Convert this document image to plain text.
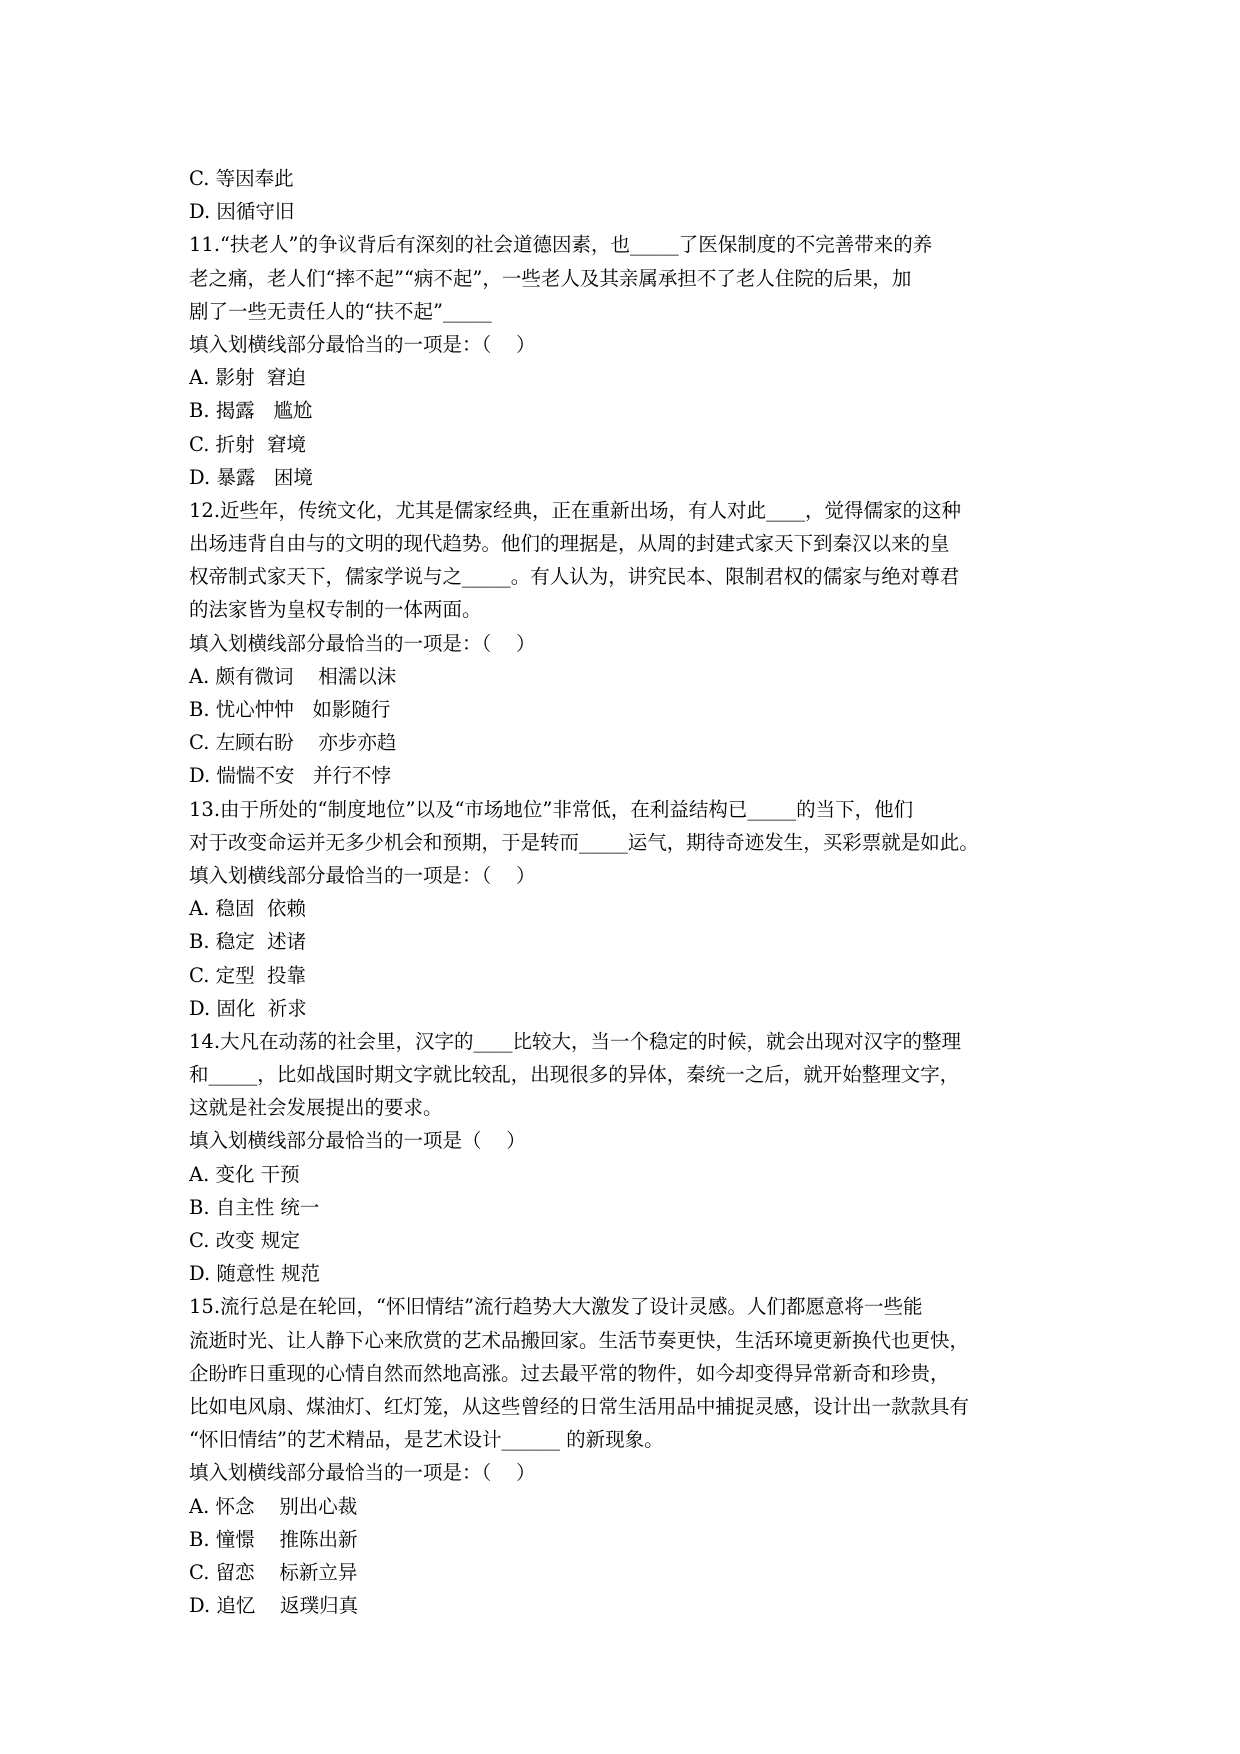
C. 等因奉此
D. 因循守旧
11.“扶老人”的争议背后有深刻的社会道德因素，也_____了医保制度的不完善带来的养
老之痛，老人们“摔不起”“病不起”，一些老人及其亲属承担不了老人住院的后果，加
剧了一些无责任人的“扶不起”_____
填入划横线部分最恰当的一项是：（    ）
A. 影射  窘迫
B. 揭露   尴尬
C. 折射  窘境
D. 暴露   困境
12.近些年，传统文化，尤其是儒家经典，正在重新出场，有人对此____，觉得儒家的这种
出场违背自由与的文明的现代趋势。他们的理据是，从周的封建式家天下到秦汉以来的皇
权帝制式家天下，儒家学说与之_____。有人认为，讲究民本、限制君权的儒家与绝对尊君
的法家皆为皇权专制的一体两面。
填入划横线部分最恰当的一项是：（    ）
A. 颇有微词    相濡以沫
B. 忧心忡忡   如影随行
C. 左顾右盼    亦步亦趋
D. 惴惴不安   并行不悖
13.由于所处的“制度地位”以及“市场地位”非常低，在利益结构已_____的当下，他们
对于改变命运并无多少机会和预期，于是转而_____运气，期待奇迹发生，买彩票就是如此。
填入划横线部分最恰当的一项是：（    ）
A. 稳固  依赖
B. 稳定  述诸
C. 定型  投靠
D. 固化  祈求
14.大凡在动荡的社会里，汉字的____比较大，当一个稳定的时候，就会出现对汉字的整理
和_____，比如战国时期文字就比较乱，出现很多的异体，秦统一之后，就开始整理文字，
这就是社会发展提出的要求。
填入划横线部分最恰当的一项是（    ）
A. 变化 干预
B. 自主性 统一
C. 改变 规定
D. 随意性 规范
15.流行总是在轮回，“怀旧情结”流行趋势大大激发了设计灵感。人们都愿意将一些能
流逝时光、让人静下心来欣赏的艺术品搬回家。生活节奏更快，生活环境更新换代也更快，
企盼昨日重现的心情自然而然地高涨。过去最平常的物件，如今却变得异常新奇和珍贵，
比如电风扇、煤油灯、红灯笼，从这些曾经的日常生活用品中捕捉灵感，设计出一款款具有
“怀旧情结”的艺术精品，是艺术设计______ 的新现象。
填入划横线部分最恰当的一项是：（    ）
A. 怀念    别出心裁
B. 憧憬    推陈出新
C. 留恋    标新立异
D. 追忆    返璞归真
